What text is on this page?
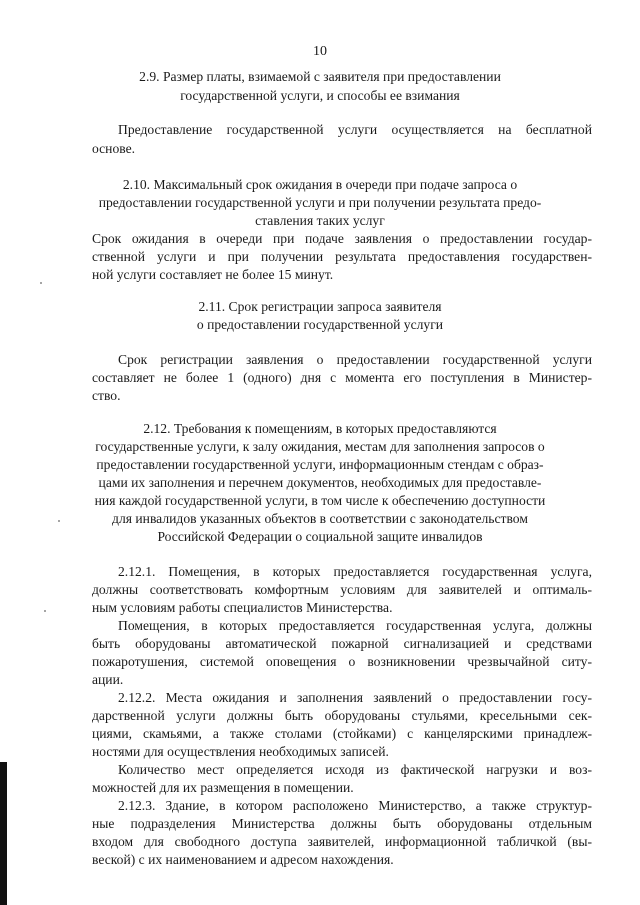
10
2.9. Размер платы, взимаемой с заявителя при предоставлении
государственной услуги, и способы ее взимания
Предоставление государственной услуги осуществляется на бесплатной
основе.
2.10. Максимальный срок ожидания в очереди при подаче запроса о
предоставлении государственной услуги и при получении результата предо-
ставления таких услуг
Срок ожидания в очереди при подаче заявления о предоставлении государ-
ственной услуги и при получении результата предоставления государствен-
ной услуги составляет не более 15 минут.
2.11. Срок регистрации запроса заявителя
о предоставлении государственной услуги
Срок регистрации заявления о предоставлении государственной услуги
составляет не более 1 (одного) дня с момента его поступления в Министер-
ство.
2.12. Требования к помещениям, в которых предоставляются
государственные услуги, к залу ожидания, местам для заполнения запросов о
предоставлении государственной услуги, информационным стендам с образ-
цами их заполнения и перечнем документов, необходимых для предоставле-
ния каждой государственной услуги, в том числе к обеспечению доступности
для инвалидов указанных объектов в соответствии с законодательством
Российской Федерации о социальной защите инвалидов
2.12.1. Помещения, в которых предоставляется государственная услуга,
должны соответствовать комфортным условиям для заявителей и оптималь-
ным условиям работы специалистов Министерства.
Помещения, в которых предоставляется государственная услуга, должны
быть оборудованы автоматической пожарной сигнализацией и средствами
пожаротушения, системой оповещения о возникновении чрезвычайной ситу-
ации.
2.12.2. Места ожидания и заполнения заявлений о предоставлении госу-
дарственной услуги должны быть оборудованы стульями, кресельными сек-
циями, скамьями, а также столами (стойками) с канцелярскими принадлеж-
ностями для осуществления необходимых записей.
Количество мест определяется исходя из фактической нагрузки и воз-
можностей для их размещения в помещении.
2.12.3. Здание, в котором расположено Министерство, а также структур-
ные подразделения Министерства должны быть оборудованы отдельным
входом для свободного доступа заявителей, информационной табличкой (вы-
веской) с их наименованием и адресом нахождения.
